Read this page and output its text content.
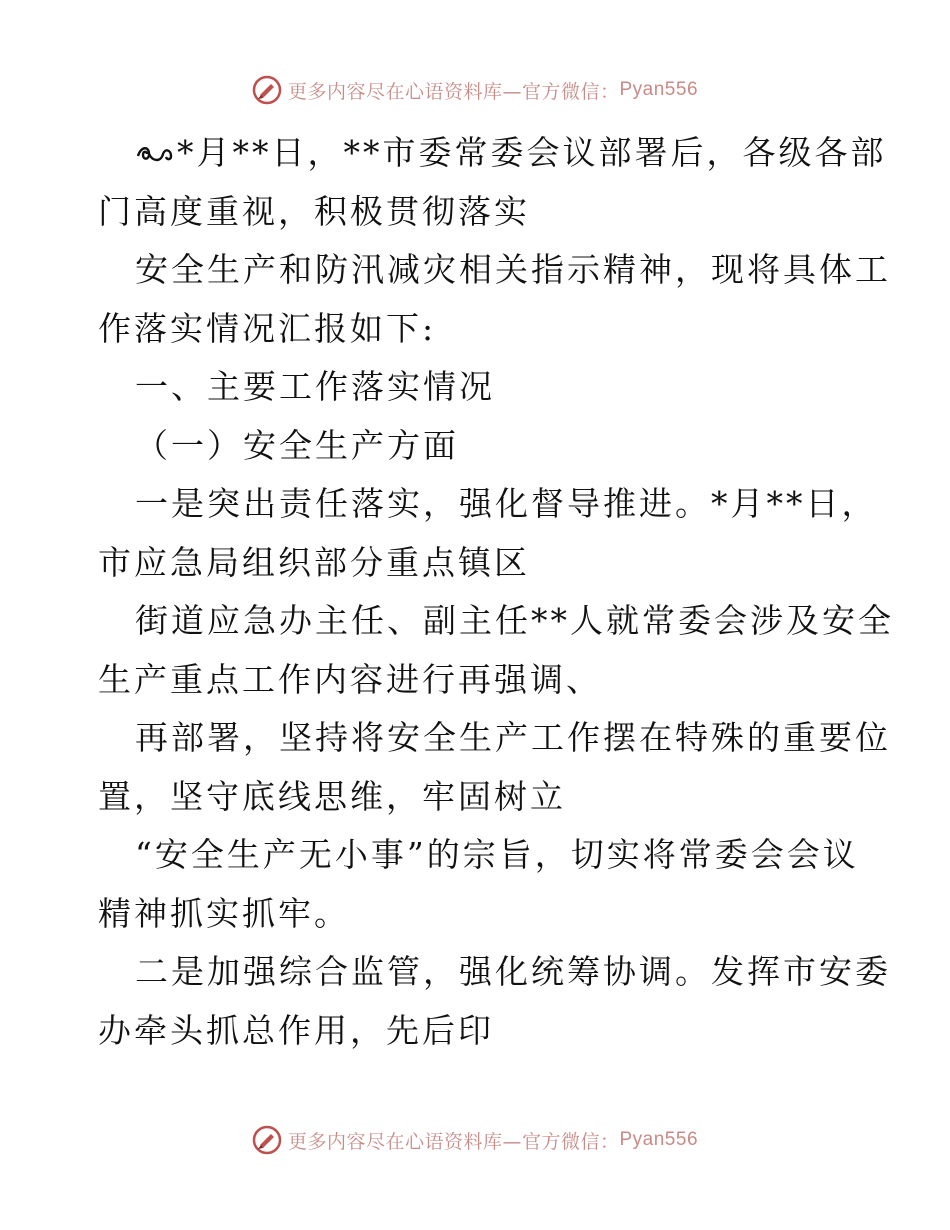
更多内容尽在心语资料库—官方微信： Pyan556
*月**日，**市委常委会议部署后，各级各部
门高度重视，积极贯彻落实
安全生产和防汛减灾相关指示精神，现将具体工
作落实情况汇报如下:
一、主要工作落实情况
（一）安全生产方面
一是突出责任落实，强化督导推进。*月**日，
市应急局组织部分重点镇区
街道应急办主任、副主任**人就常委会涉及安全
生产重点工作内容进行再强调、
再部署，坚持将安全生产工作摆在特殊的重要位
置，坚守底线思维，牢固树立
“安全生产无小事”的宗旨，切实将常委会会议
精神抓实抓牢。
二是加强综合监管，强化统筹协调。发挥市安委
办牵头抓总作用，先后印
更多内容尽在心语资料库—官方微信： Pyan556
